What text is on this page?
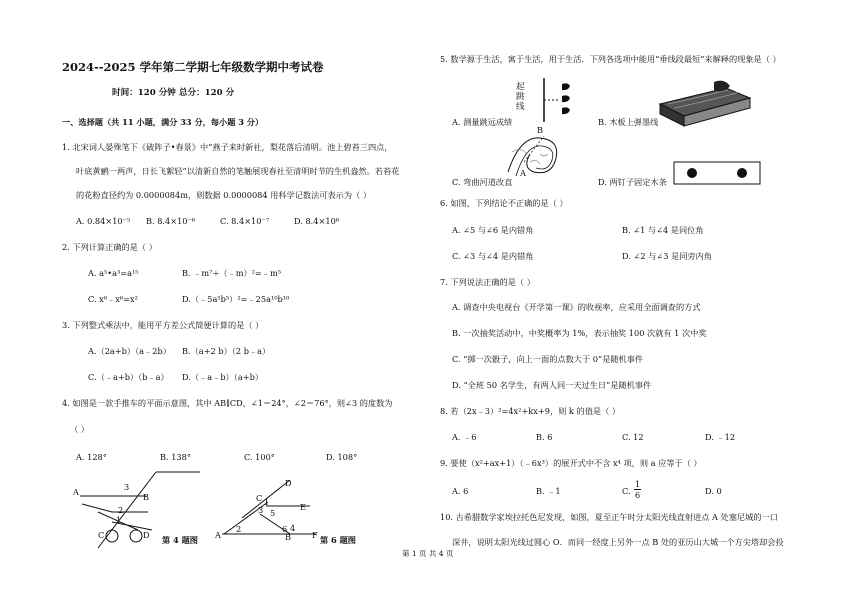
2024--2025 学年第二学期七年级数学期中考试卷
时间：120 分钟 总分：120 分
一、选择题（共 11 小题，满分 33 分，每小题 3 分）
1. 北宋词人晏殊笔下《破阵子•春景》中“燕子来时新社，梨花落后清明。池上碧苔三四点，
叶底黄鹂一两声，日长飞絮轻”以清新自然的笔触展现春社至清明时节的生机盎然。若苔花
的花粉直径约为 0.0000084m，则数据 0.0000084 用科学记数法可表示为（ ）
A. 0.84×10⁻⁵ B. 8.4×10⁻⁶	C. 8.4×10⁻⁷	D. 8.4×10⁶
2. 下列计算正确的是（ ）
A. a⁵•a³=a¹⁵	B. ﹣m⁷÷（﹣m）²=﹣m⁵
C. x⁸﹣x⁶=x²	D.（﹣5a⁵b⁵）²=﹣25a¹⁰b¹⁰
3. 下列整式乘法中，能用平方差公式简便计算的是（ ）
A.（2a+b）（a﹣2b） B.（a+2 b）（2 b﹣a）
C.（﹣a+b）（b﹣a） D.（﹣a﹣b）（a+b）
4. 如图是一款手推车的平面示意图，其中 AB∥CD，∠1＝24°，∠2＝76°，则∠3 的度数为
（ ）
A. 128°	B. 138°	C. 100°	D. 108°
A	B
C	D
1
2
3
第 4 题图 A	B
C
D
E
F
1
2
3
4
5
6
第 6 题图
5. 数学源于生活，寓于生活，用于生活．下列各选项中能用“垂线段最短”来解释的现象是（ ）
起跳线
A. 测量跳远成绩	B. 木板上弹墨线
B
A
C. 弯曲河道改直	D. 两钉子固定木条
6. 如图，下列结论不正确的是（ ）
A. ∠5 与∠6 是内错角	B. ∠1 与∠4 是同位角
C. ∠3 与∠4 是内错角	D. ∠2 与∠3 是同旁内角
7. 下列说法正确的是（ ）
A. 调查中央电视台《开学第一课》的收视率，应采用全面调查的方式
B. 一次抽奖活动中，中奖概率为 1%，表示抽奖 100 次就有 1 次中奖
C. “掷一次骰子，向上一面的点数大于 0”是随机事件
D. “全班 50 名学生，有两人同一天过生日”是随机事件
8. 若（2x﹣3）²=4x²+kx+9，则 k 的值是（ ）
A. ﹣6	B. 6	C. 12	D. ﹣12
9. 要使（x²+ax+1）（﹣6x³）的展开式中不含 x⁴ 项，则 a 应等于（ ）
A. 6	B. ﹣1	C. $\frac{1}{6}$	D. 0
10. 古希腊数学家埃拉托色尼发现，如图，夏至正午时分太阳光线直射进点 A 处塞尼城的一口
深井，说明太阳光线过圆心 O．而同一经度上另外一点 B 处的亚历山大城一个方尖塔却会投
第 1 页 共 4 页
